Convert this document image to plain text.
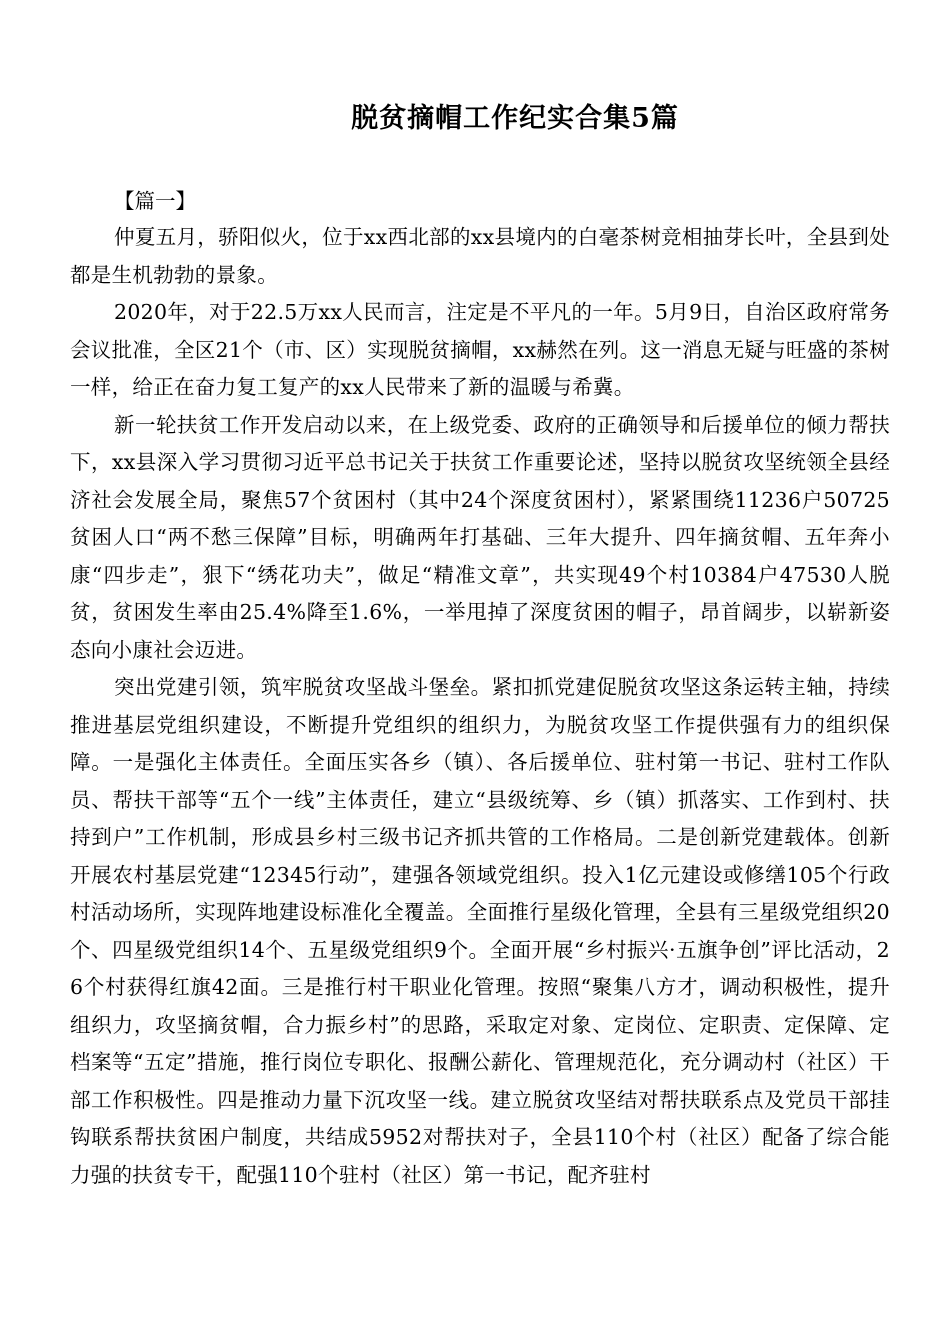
脱贫摘帽工作纪实合集5篇

【篇一】

仲夏五月，骄阳似火，位于xx西北部的xx县境内的白毫茶树竞相抽芽长叶，全县到处都是生机勃勃的景象。

2020年，对于22.5万xx人民而言，注定是不平凡的一年。5月9日，自治区政府常务会议批准，全区21个（市、区）实现脱贫摘帽，xx赫然在列。这一消息无疑与旺盛的茶树一样，给正在奋力复工复产的xx人民带来了新的温暖与希冀。

新一轮扶贫工作开发启动以来，在上级党委、政府的正确领导和后援单位的倾力帮扶下，xx县深入学习贯彻习近平总书记关于扶贫工作重要论述，坚持以脱贫攻坚统领全县经济社会发展全局，聚焦57个贫困村（其中24个深度贫困村），紧紧围绕11236户50725贫困人口“两不愁三保障”目标，明确两年打基础、三年大提升、四年摘贫帽、五年奔小康“四步走”，狠下“绣花功夫”，做足“精准文章”，共实现49个村10384户47530人脱贫，贫困发生率由25.4%降至1.6%，一举甩掉了深度贫困的帽子，昂首阔步，以崭新姿态向小康社会迈进。

突出党建引领，筑牢脱贫攻坚战斗堡垒。紧扣抓党建促脱贫攻坚这条运转主轴，持续推进基层党组织建设，不断提升党组织的组织力，为脱贫攻坚工作提供强有力的组织保障。一是强化主体责任。全面压实各乡（镇）、各后援单位、驻村第一书记、驻村工作队员、帮扶干部等“五个一线”主体责任，建立“县级统筹、乡（镇）抓落实、工作到村、扶持到户”工作机制，形成县乡村三级书记齐抓共管的工作格局。二是创新党建载体。创新开展农村基层党建“12345行动”，建强各领域党组织。投入1亿元建设或修缮105个行政村活动场所，实现阵地建设标准化全覆盖。全面推行星级化管理，全县有三星级党组织20个、四星级党组织14个、五星级党组织9个。全面开展“乡村振兴·五旗争创”评比活动，26个村获得红旗42面。三是推行村干职业化管理。按照“聚集八方才，调动积极性，提升组织力，攻坚摘贫帽，合力振乡村”的思路，采取定对象、定岗位、定职责、定保障、定档案等“五定”措施，推行岗位专职化、报酬公薪化、管理规范化，充分调动村（社区）干部工作积极性。四是推动力量下沉攻坚一线。建立脱贫攻坚结对帮扶联系点及党员干部挂钩联系帮扶贫困户制度，共结成5952对帮扶对子，全县110个村（社区）配备了综合能力强的扶贫专干，配强110个驻村（社区）第一书记，配齐驻村
